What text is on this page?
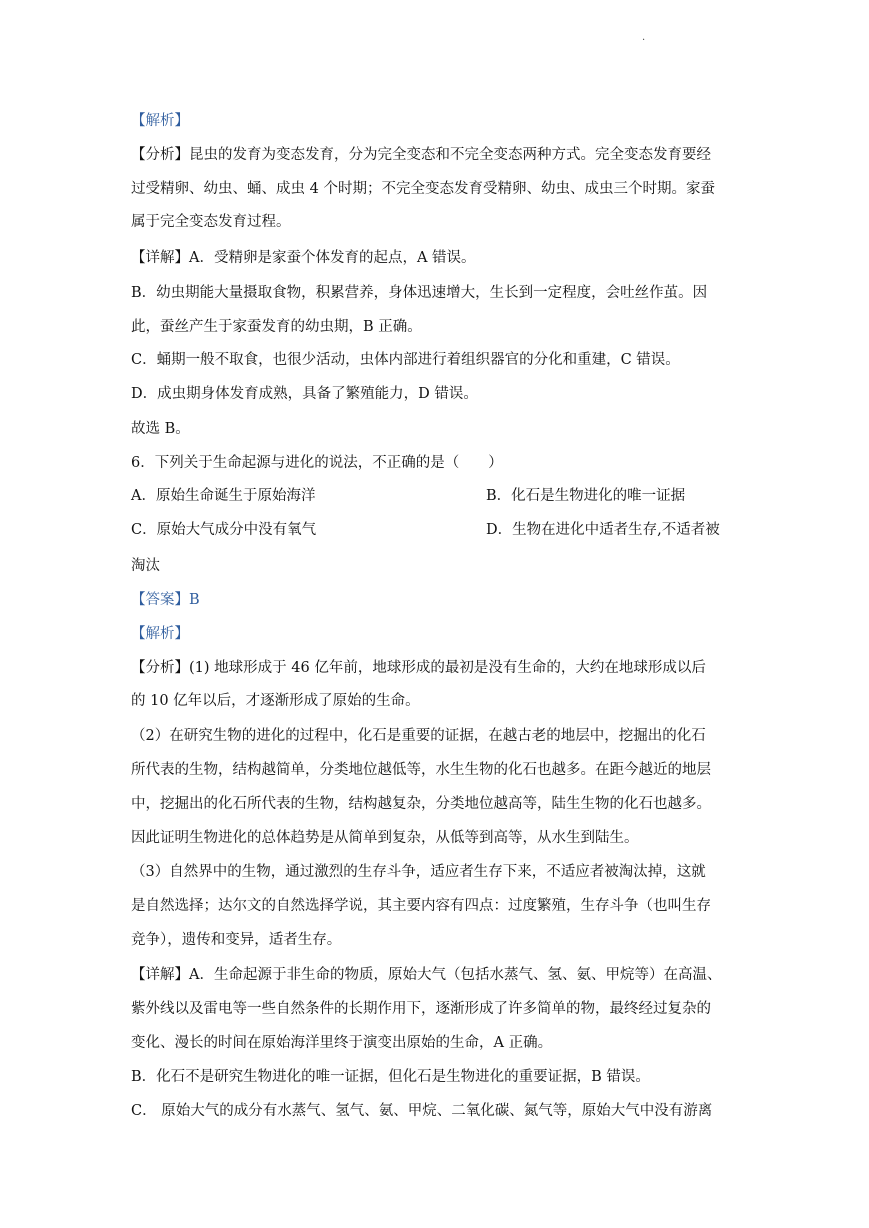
.
【解析】
【分析】昆虫的发育为变态发育，分为完全变态和不完全变态两种方式。完全变态发育要经
过受精卵、幼虫、蛹、成虫 4 个时期；不完全变态发育受精卵、幼虫、成虫三个时期。家蚕
属于完全变态发育过程。
【详解】A．受精卵是家蚕个体发育的起点，A 错误。
B．幼虫期能大量摄取食物，积累营养，身体迅速增大，生长到一定程度，会吐丝作茧。因
此，蚕丝产生于家蚕发育的幼虫期，B 正确。
C．蛹期一般不取食，也很少活动，虫体内部进行着组织器官的分化和重建，C 错误。
D．成虫期身体发育成熟，具备了繁殖能力，D 错误。
故选 B。
6．下列关于生命起源与进化的说法，不正确的是（　　）
A．原始生命诞生于原始海洋	B．化石是生物进化的唯一证据
C．原始大气成分中没有氧气	D．生物在进化中适者生存,不适者被
淘汰
【答案】B
【解析】
【分析】(1) 地球形成于 46 亿年前，地球形成的最初是没有生命的，大约在地球形成以后
的 10 亿年以后，才逐渐形成了原始的生命。
（2）在研究生物的进化的过程中，化石是重要的证据，在越古老的地层中，挖掘出的化石
所代表的生物，结构越简单，分类地位越低等，水生生物的化石也越多。在距今越近的地层
中，挖掘出的化石所代表的生物，结构越复杂，分类地位越高等，陆生生物的化石也越多。
因此证明生物进化的总体趋势是从简单到复杂，从低等到高等，从水生到陆生。
（3）自然界中的生物，通过激烈的生存斗争，适应者生存下来，不适应者被淘汰掉，这就
是自然选择；达尔文的自然选择学说，其主要内容有四点：过度繁殖，生存斗争（也叫生存
竞争），遗传和变异，适者生存。
【详解】A．生命起源于非生命的物质，原始大气（包括水蒸气、氢、氨、甲烷等）在高温、
紫外线以及雷电等一些自然条件的长期作用下，逐渐形成了许多简单的物，最终经过复杂的
变化、漫长的时间在原始海洋里终于演变出原始的生命，A 正确。
B．化石不是研究生物进化的唯一证据，但化石是生物进化的重要证据，B 错误。
C． 原始大气的成分有水蒸气、氢气、氨、甲烷、二氧化碳、氮气等，原始大气中没有游离
